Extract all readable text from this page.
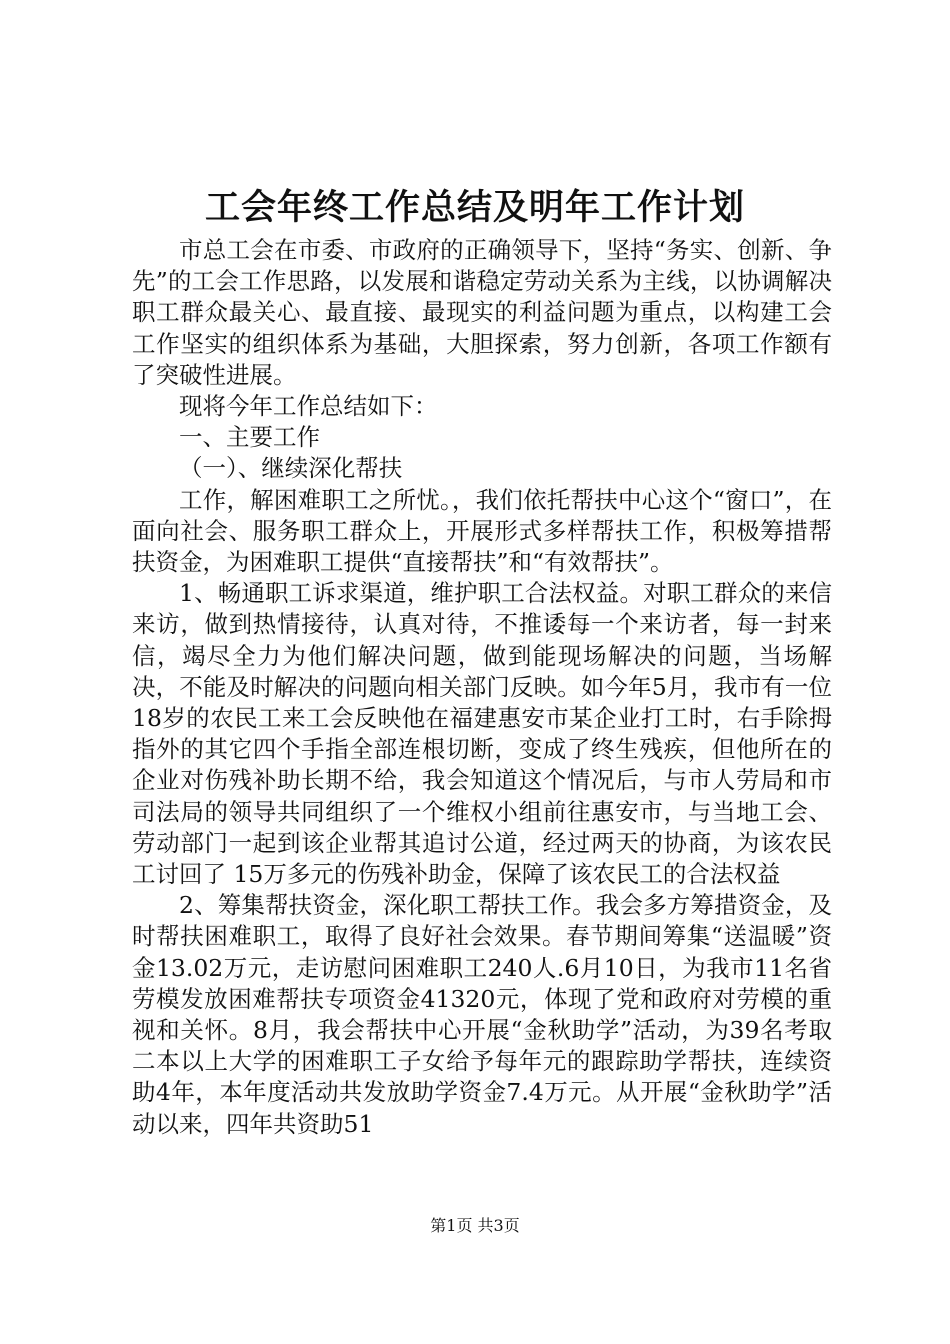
工会年终工作总结及明年工作计划

市总工会在市委、市政府的正确领导下，坚持“务实、创新、争先”的工会工作思路，以发展和谐稳定劳动关系为主线，以协调解决职工群众最关心、最直接、最现实的利益问题为重点，以构建工会工作坚实的组织体系为基础，大胆探索，努力创新，各项工作额有了突破性进展。

现将今年工作总结如下：

一、主要工作

（一）、继续深化帮扶

工作，解困难职工之所忧。，我们依托帮扶中心这个“窗口”，在面向社会、服务职工群众上，开展形式多样帮扶工作，积极筹措帮扶资金，为困难职工提供“直接帮扶”和“有效帮扶”。

1、畅通职工诉求渠道，维护职工合法权益。对职工群众的来信来访，做到热情接待，认真对待，不推诿每一个来访者，每一封来信，竭尽全力为他们解决问题，做到能现场解决的问题，当场解决，不能及时解决的问题向相关部门反映。如今年5月，我市有一位18岁的农民工来工会反映他在福建惠安市某企业打工时，右手除拇指外的其它四个手指全部连根切断，变成了终生残疾，但他所在的企业对伤残补助长期不给，我会知道这个情况后，与市人劳局和市司法局的领导共同组织了一个维权小组前往惠安市，与当地工会、劳动部门一起到该企业帮其追讨公道，经过两天的协商，为该农民工讨回了 15万多元的伤残补助金，保障了该农民工的合法权益

2、筹集帮扶资金，深化职工帮扶工作。我会多方筹措资金，及时帮扶困难职工，取得了良好社会效果。春节期间筹集“送温暖”资金13.02万元，走访慰问困难职工240人.6月10日，为我市11名省劳模发放困难帮扶专项资金41320元，体现了党和政府对劳模的重视和关怀。8月，我会帮扶中心开展“金秋助学”活动，为39名考取二本以上大学的困难职工子女给予每年元的跟踪助学帮扶，连续资助4年，本年度活动共发放助学资金7.4万元。从开展“金秋助学”活动以来，四年共资助51

第1页 共3页
